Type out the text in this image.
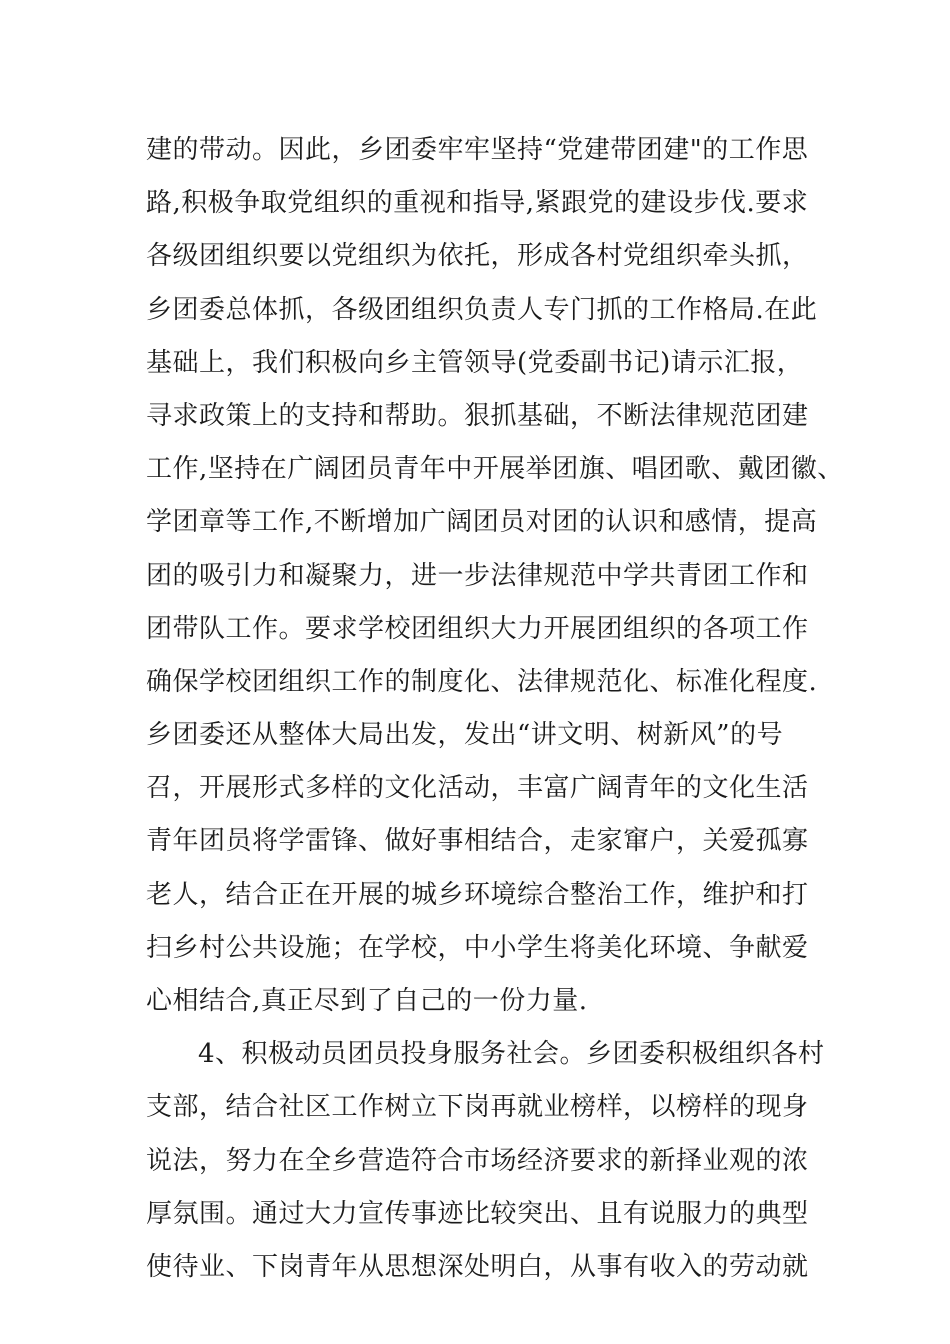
建的带动。因此，乡团委牢牢坚持“党建带团建"的工作思
路,积极争取党组织的重视和指导,紧跟党的建设步伐.要求
各级团组织要以党组织为依托，形成各村党组织牵头抓，
乡团委总体抓，各级团组织负责人专门抓的工作格局.在此
基础上，我们积极向乡主管领导(党委副书记)请示汇报，
寻求政策上的支持和帮助。狠抓基础，不断法律规范团建
工作,坚持在广阔团员青年中开展举团旗、唱团歌、戴团徽、
学团章等工作,不断增加广阔团员对团的认识和感情，提高
团的吸引力和凝聚力，进一步法律规范中学共青团工作和
团带队工作。要求学校团组织大力开展团组织的各项工作
确保学校团组织工作的制度化、法律规范化、标准化程度.
乡团委还从整体大局出发，发出“讲文明、树新风”的号
召，开展形式多样的文化活动，丰富广阔青年的文化生活
青年团员将学雷锋、做好事相结合，走家窜户，关爱孤寡
老人，结合正在开展的城乡环境综合整治工作，维护和打
扫乡村公共设施；在学校，中小学生将美化环境、争献爱
心相结合,真正尽到了自己的一份力量.
4、积极动员团员投身服务社会。乡团委积极组织各村
支部，结合社区工作树立下岗再就业榜样，以榜样的现身
说法，努力在全乡营造符合市场经济要求的新择业观的浓
厚氛围。通过大力宣传事迹比较突出、且有说服力的典型
使待业、下岗青年从思想深处明白，从事有收入的劳动就
